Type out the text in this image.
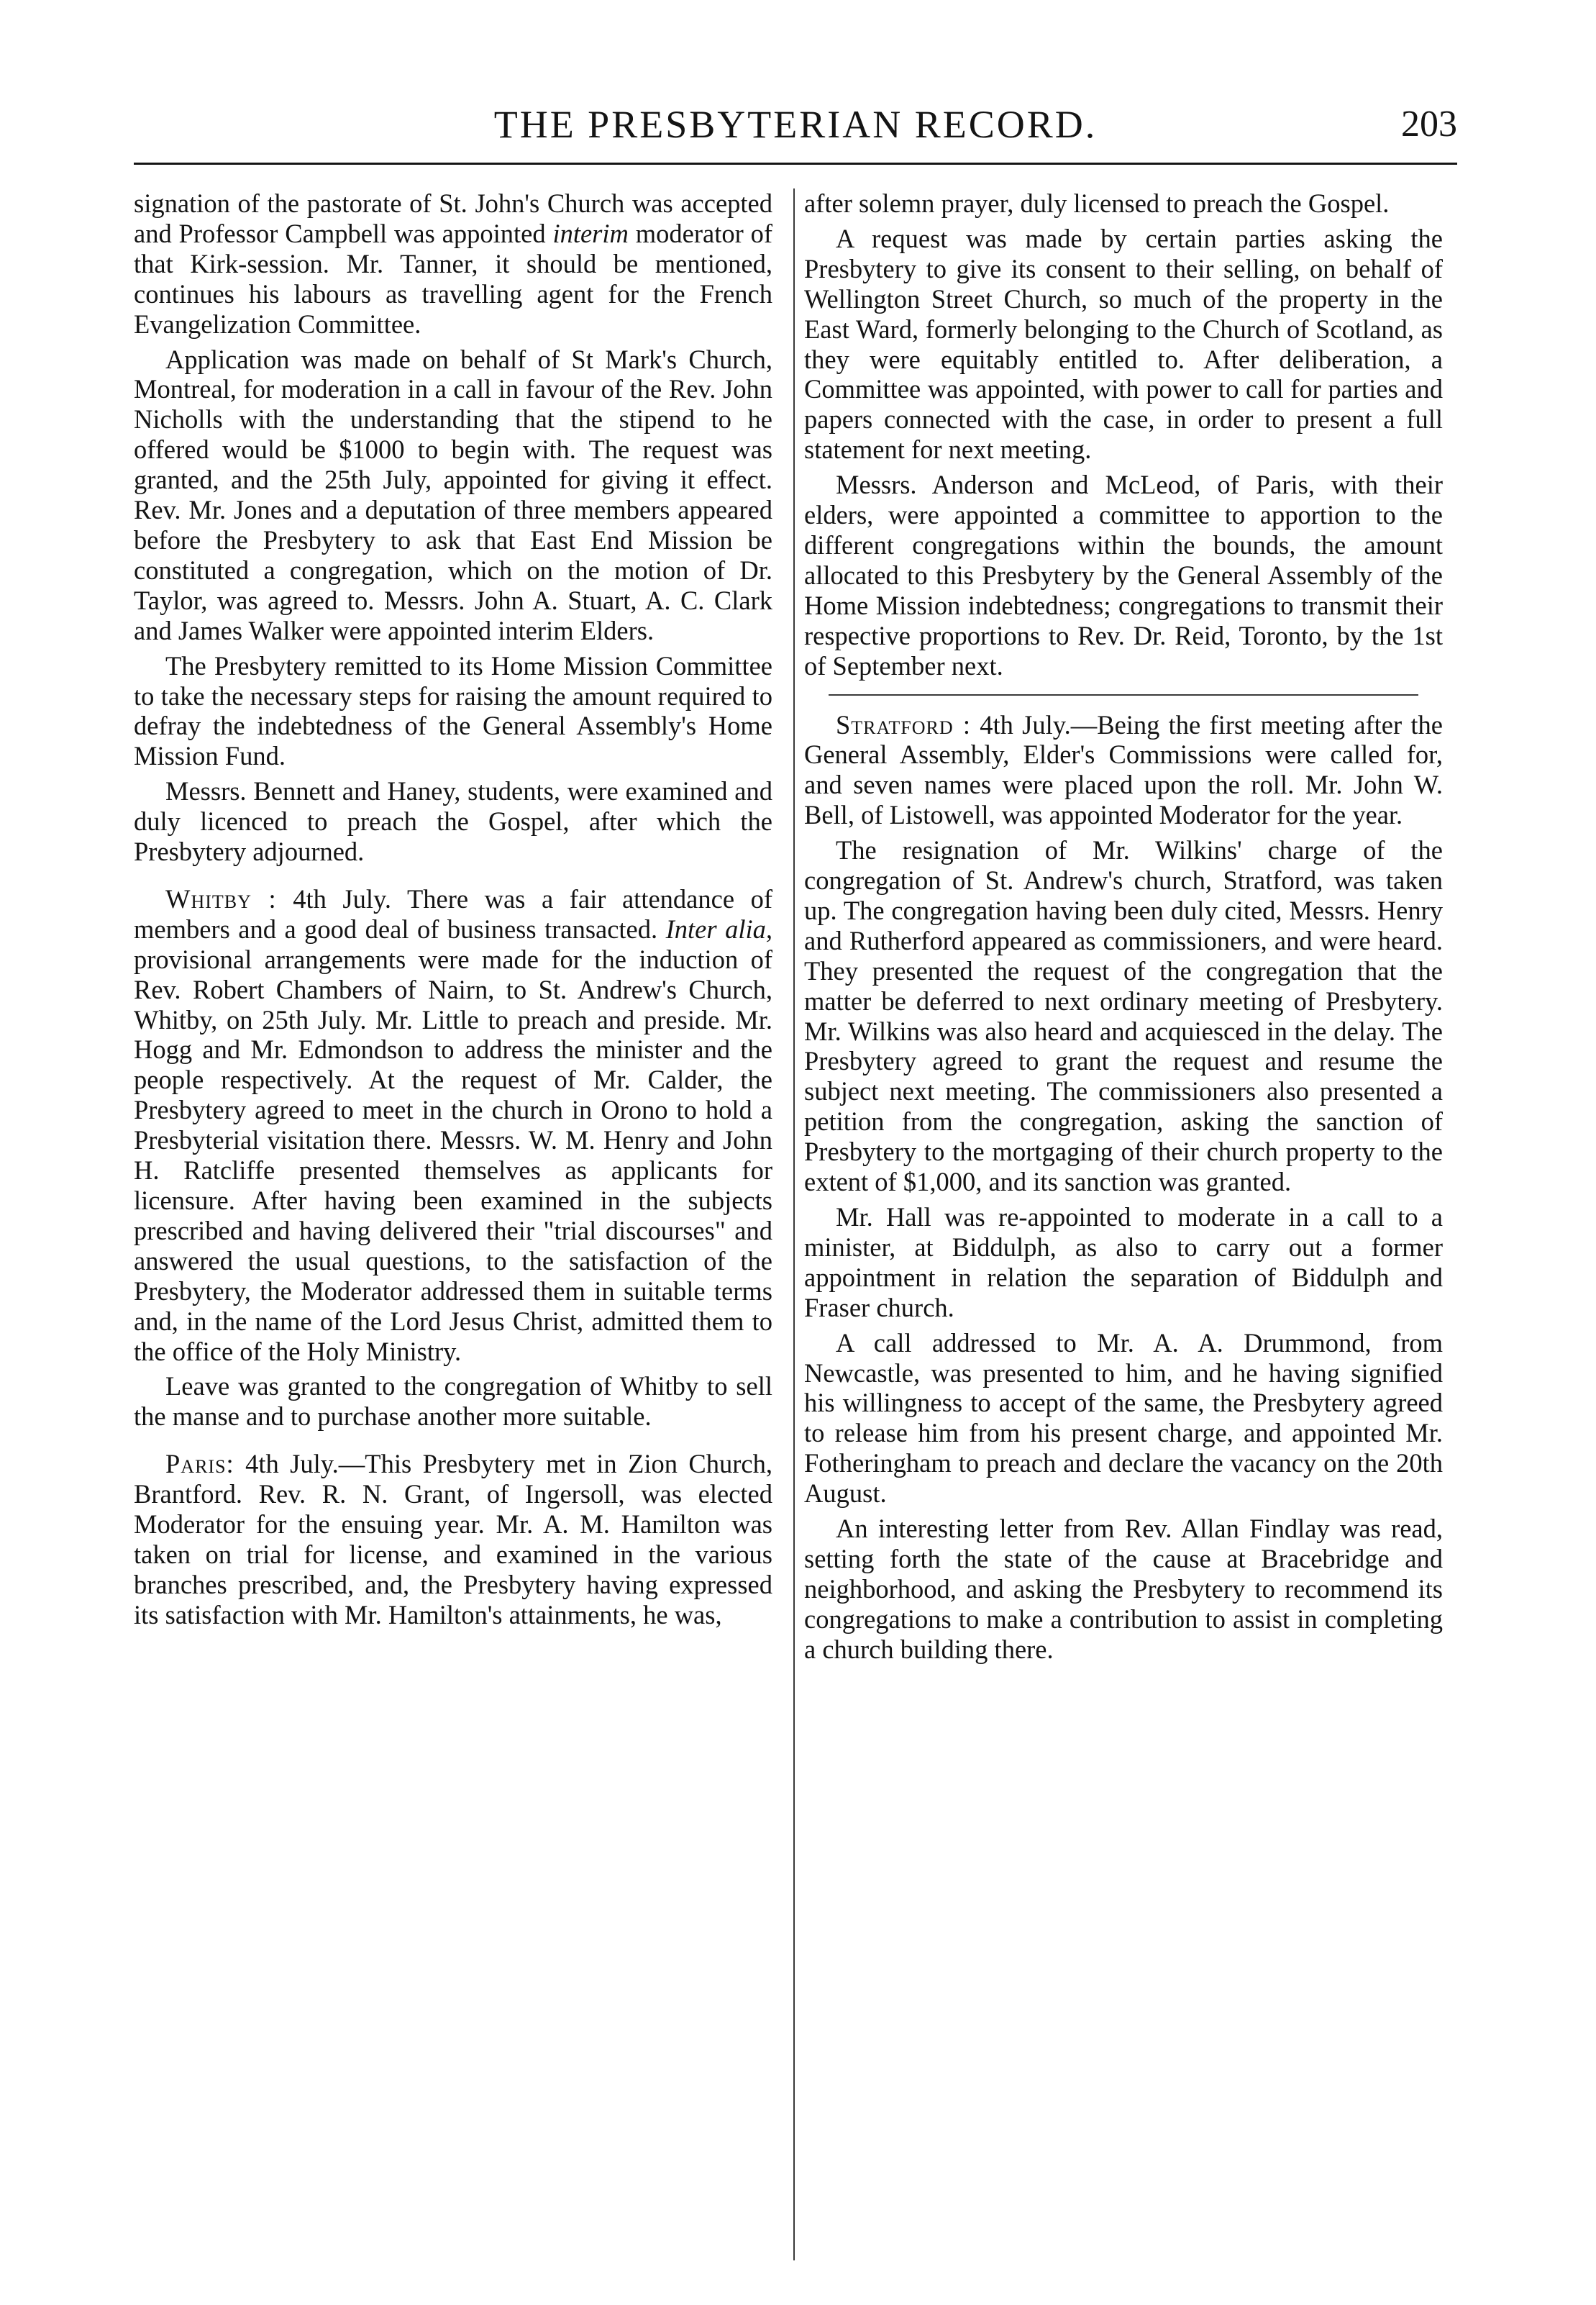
THE PRESBYTERIAN RECORD.	203

signation of the pastorate of St. John's Church was accepted and Professor Campbell was appointed interim moderator of that Kirk-session. Mr. Tanner, it should be mentioned, continues his labours as travelling agent for the French Evangelization Committee.

Application was made on behalf of St Mark's Church, Montreal, for moderation in a call in favour of the Rev. John Nicholls with the understanding that the stipend to he offered would be $1000 to begin with. The request was granted, and the 25th July, appointed for giving it effect. Rev. Mr. Jones and a deputation of three members appeared before the Presbytery to ask that East End Mission be constituted a congregation, which on the motion of Dr. Taylor, was agreed to. Messrs. John A. Stuart, A. C. Clark and James Walker were appointed interim Elders.

The Presbytery remitted to its Home Mission Committee to take the necessary steps for raising the amount required to defray the indebtedness of the General Assembly's Home Mission Fund.

Messrs. Bennett and Haney, students, were examined and duly licenced to preach the Gospel, after which the Presbytery adjourned.

Whitby : 4th July. There was a fair attendance of members and a good deal of business transacted. Inter alia, provisional arrangements were made for the induction of Rev. Robert Chambers of Nairn, to St. Andrew's Church, Whitby, on 25th July. Mr. Little to preach and preside. Mr. Hogg and Mr. Edmondson to address the minister and the people respectively. At the request of Mr. Calder, the Presbytery agreed to meet in the church in Orono to hold a Presbyterial visitation there. Messrs. W. M. Henry and John H. Ratcliffe presented themselves as applicants for licensure. After having been examined in the subjects prescribed and having delivered their "trial discourses" and answered the usual questions, to the satisfaction of the Presbytery, the Moderator addressed them in suitable terms and, in the name of the Lord Jesus Christ, admitted them to the office of the Holy Ministry.

Leave was granted to the congregation of Whitby to sell the manse and to purchase another more suitable.

Paris: 4th July.—This Presbytery met in Zion Church, Brantford. Rev. R. N. Grant, of Ingersoll, was elected Moderator for the ensuing year. Mr. A. M. Hamilton was taken on trial for license, and examined in the various branches prescribed, and, the Presbytery having expressed its satisfaction with Mr. Hamilton's attainments, he was,

after solemn prayer, duly licensed to preach the Gospel.

A request was made by certain parties asking the Presbytery to give its consent to their selling, on behalf of Wellington Street Church, so much of the property in the East Ward, formerly belonging to the Church of Scotland, as they were equitably entitled to. After deliberation, a Committee was appointed, with power to call for parties and papers connected with the case, in order to present a full statement for next meeting.

Messrs. Anderson and McLeod, of Paris, with their elders, were appointed a committee to apportion to the different congregations within the bounds, the amount allocated to this Presbytery by the General Assembly of the Home Mission indebtedness; congregations to transmit their respective proportions to Rev. Dr. Reid, Toronto, by the 1st of September next.

Stratford : 4th July.—Being the first meeting after the General Assembly, Elder's Commissions were called for, and seven names were placed upon the roll. Mr. John W. Bell, of Listowell, was appointed Moderator for the year.

The resignation of Mr. Wilkins' charge of the congregation of St. Andrew's church, Stratford, was taken up. The congregation having been duly cited, Messrs. Henry and Rutherford appeared as commissioners, and were heard. They presented the request of the congregation that the matter be deferred to next ordinary meeting of Presbytery. Mr. Wilkins was also heard and acquiesced in the delay. The Presbytery agreed to grant the request and resume the subject next meeting. The commissioners also presented a petition from the congregation, asking the sanction of Presbytery to the mortgaging of their church property to the extent of $1,000, and its sanction was granted.

Mr. Hall was re-appointed to moderate in a call to a minister, at Biddulph, as also to carry out a former appointment in relation the separation of Biddulph and Fraser church.

A call addressed to Mr. A. A. Drummond, from Newcastle, was presented to him, and he having signified his willingness to accept of the same, the Presbytery agreed to release him from his present charge, and appointed Mr. Fotheringham to preach and declare the vacancy on the 20th August.

An interesting letter from Rev. Allan Findlay was read, setting forth the state of the cause at Bracebridge and neighborhood, and asking the Presbytery to recommend its congregations to make a contribution to assist in completing a church building there.
